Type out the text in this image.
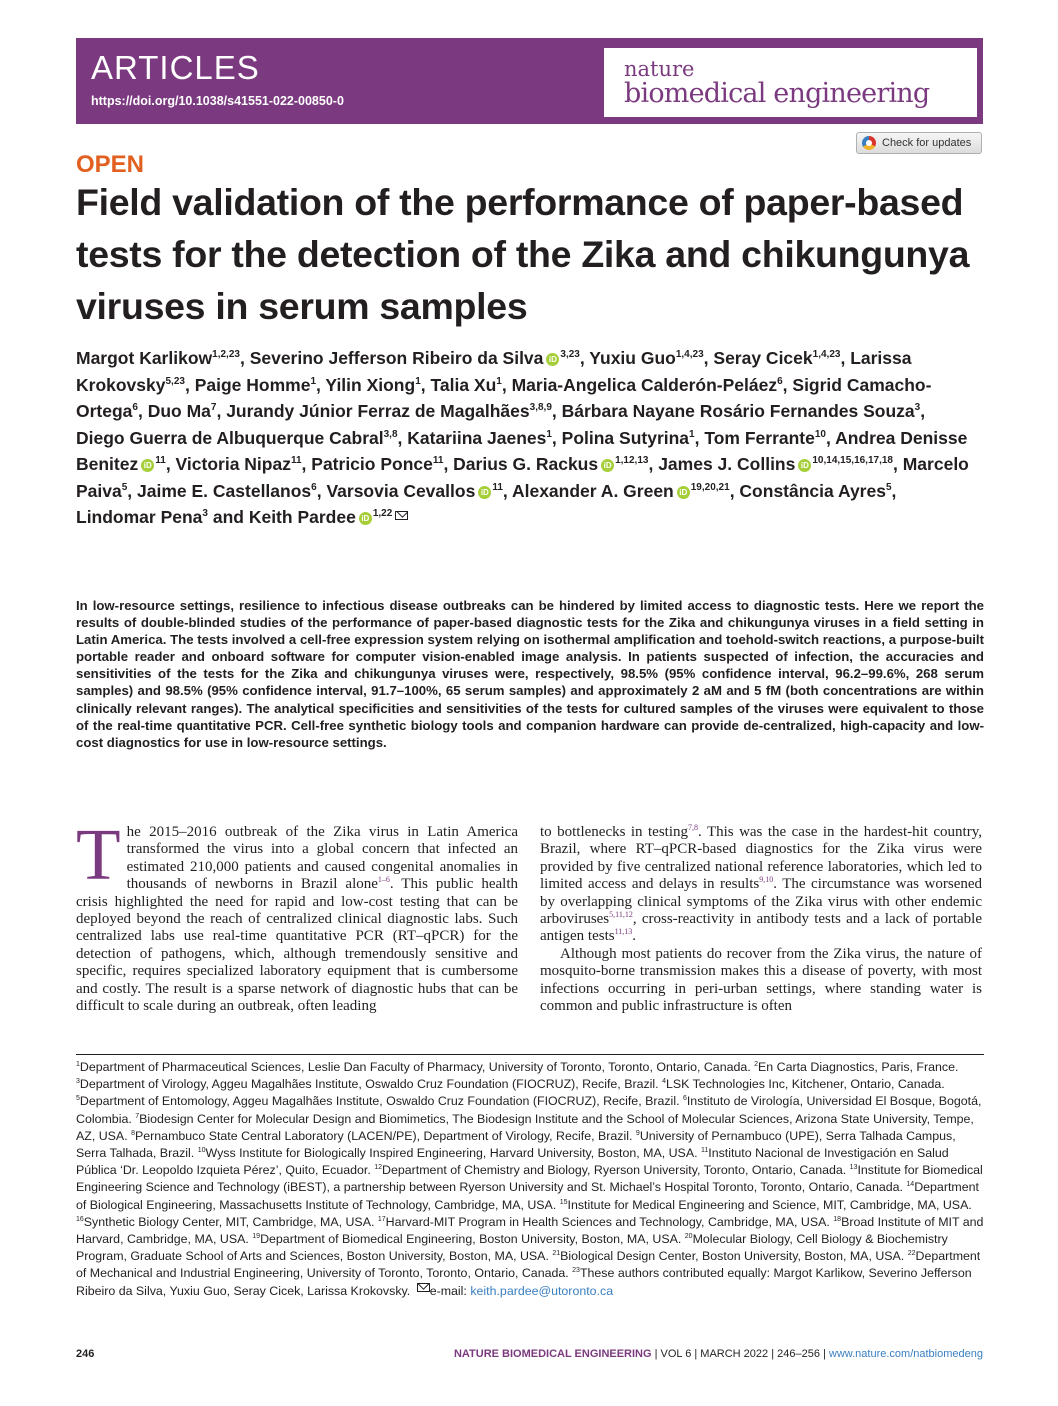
ARTICLES
https://doi.org/10.1038/s41551-022-00850-0
nature
biomedical engineering
Check for updates
OPEN
Field validation of the performance of paper-based tests for the detection of the Zika and chikungunya viruses in serum samples
Margot Karlikow$^{1,2,23}$, Severino Jefferson Ribeiro da Silva iD $^{3,23}$, Yuxiu Guo$^{1,4,23}$, Seray Cicek$^{1,4,23}$, Larissa Krokovsky$^{5,23}$, Paige Homme$^1$, Yilin Xiong$^1$, Talia Xu$^1$, Maria-Angelica Calderón-Peláez$^6$, Sigrid Camacho-Ortega$^6$, Duo Ma$^7$, Jurandy Júnior Ferraz de Magalhães$^{3,8,9}$, Bárbara Nayane Rosário Fernandes Souza$^3$, Diego Guerra de Albuquerque Cabral$^{3,8}$, Katariina Jaenes$^1$, Polina Sutyrina$^1$, Tom Ferrante$^{10}$, Andrea Denisse Benitez iD $^{11}$, Victoria Nipaz$^{11}$, Patricio Ponce$^{11}$, Darius G. Rackus iD $^{1,12,13}$, James J. Collins iD $^{10,14,15,16,17,18}$, Marcelo Paiva$^5$, Jaime E. Castellanos$^6$, Varsovia Cevallos iD $^{11}$, Alexander A. Green iD $^{19,20,21}$, Constância Ayres$^5$, Lindomar Pena$^3$ and Keith Pardee iD $^{1,22}$

In low-resource settings, resilience to infectious disease outbreaks can be hindered by limited access to diagnostic tests. Here we report the results of double-blinded studies of the performance of paper-based diagnostic tests for the Zika and chikungunya viruses in a field setting in Latin America. The tests involved a cell-free expression system relying on isothermal amplification and toehold-switch reactions, a purpose-built portable reader and onboard software for computer vision-enabled image analysis. In patients suspected of infection, the accuracies and sensitivities of the tests for the Zika and chikungunya viruses were, respectively, 98.5% (95% confidence interval, 96.2–99.6%, 268 serum samples) and 98.5% (95% confidence interval, 91.7–100%, 65 serum samples) and approximately 2 aM and 5 fM (both concentrations are within clinically relevant ranges). The analytical specificities and sensitivities of the tests for cultured samples of the viruses were equivalent to those of the real-time quantitative PCR. Cell-free synthetic biology tools and companion hardware can provide de-centralized, high-capacity and low-cost diagnostics for use in low-resource settings.

T he 2015–2016 outbreak of the Zika virus in Latin America transformed the virus into a global concern that infected an estimated 210,000 patients and caused congenital anomalies in thousands of newborns in Brazil alone$^{1-6}$. This public health crisis highlighted the need for rapid and low-cost testing that can be deployed beyond the reach of centralized clinical diagnostic labs. Such centralized labs use real-time quantitative PCR (RT–qPCR) for the detection of pathogens, which, although tremendously sensitive and specific, requires specialized laboratory equipment that is cumbersome and costly. The result is a sparse network of diagnostic hubs that can be difficult to scale during an outbreak, often leading

to bottlenecks in testing$^{7,8}$. This was the case in the hardest-hit country, Brazil, where RT–qPCR-based diagnostics for the Zika virus were provided by five centralized national reference laboratories, which led to limited access and delays in results$^{9,10}$. The circumstance was worsened by overlapping clinical symptoms of the Zika virus with other endemic arboviruses$^{5,11,12}$, cross-reactivity in antibody tests and a lack of portable antigen tests$^{11,13}$.

Although most patients do recover from the Zika virus, the nature of mosquito-borne transmission makes this a disease of poverty, with most infections occurring in peri-urban settings, where standing water is common and public infrastructure is often

$^1$Department of Pharmaceutical Sciences, Leslie Dan Faculty of Pharmacy, University of Toronto, Toronto, Ontario, Canada. $^2$En Carta Diagnostics, Paris, France. $^3$Department of Virology, Aggeu Magalhães Institute, Oswaldo Cruz Foundation (FIOCRUZ), Recife, Brazil. $^4$LSK Technologies Inc, Kitchener, Ontario, Canada. $^5$Department of Entomology, Aggeu Magalhães Institute, Oswaldo Cruz Foundation (FIOCRUZ), Recife, Brazil. $^6$Instituto de Virología, Universidad El Bosque, Bogotá, Colombia. $^7$Biodesign Center for Molecular Design and Biomimetics, The Biodesign Institute and the School of Molecular Sciences, Arizona State University, Tempe, AZ, USA. $^8$Pernambuco State Central Laboratory (LACEN/PE), Department of Virology, Recife, Brazil. $^9$University of Pernambuco (UPE), Serra Talhada Campus, Serra Talhada, Brazil. $^{10}$Wyss Institute for Biologically Inspired Engineering, Harvard University, Boston, MA, USA. $^{11}$Instituto Nacional de Investigación en Salud Pública ‘Dr. Leopoldo Izquieta Pérez’, Quito, Ecuador. $^{12}$Department of Chemistry and Biology, Ryerson University, Toronto, Ontario, Canada. $^{13}$Institute for Biomedical Engineering Science and Technology (iBEST), a partnership between Ryerson University and St. Michael’s Hospital Toronto, Toronto, Ontario, Canada. $^{14}$Department of Biological Engineering, Massachusetts Institute of Technology, Cambridge, MA, USA. $^{15}$Institute for Medical Engineering and Science, MIT, Cambridge, MA, USA. $^{16}$Synthetic Biology Center, MIT, Cambridge, MA, USA. $^{17}$Harvard-MIT Program in Health Sciences and Technology, Cambridge, MA, USA. $^{18}$Broad Institute of MIT and Harvard, Cambridge, MA, USA. $^{19}$Department of Biomedical Engineering, Boston University, Boston, MA, USA. $^{20}$Molecular Biology, Cell Biology & Biochemistry Program, Graduate School of Arts and Sciences, Boston University, Boston, MA, USA. $^{21}$Biological Design Center, Boston University, Boston, MA, USA. $^{22}$Department of Mechanical and Industrial Engineering, University of Toronto, Toronto, Ontario, Canada. $^{23}$These authors contributed equally: Margot Karlikow, Severino Jefferson Ribeiro da Silva, Yuxiu Guo, Seray Cicek, Larissa Krokovsky. e-mail: keith.pardee@utoronto.ca

246	NATURE BIOMEDICAL ENGINEERING | VOL 6 | MARCH 2022 | 246–256 | www.nature.com/natbiomedeng
